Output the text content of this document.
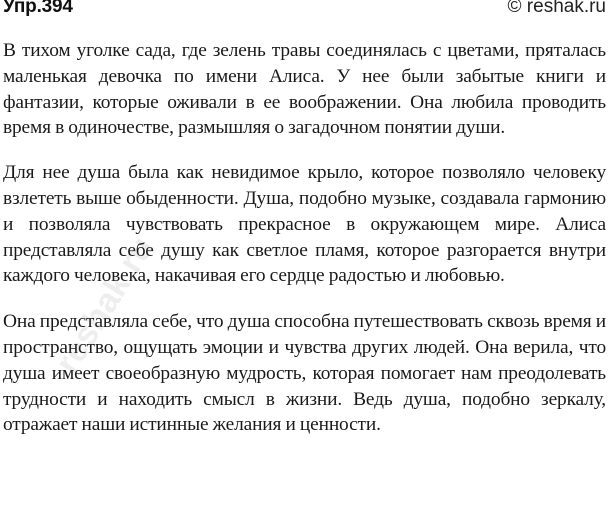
Упр.394	© reshak.ru

В тихом уголке сада, где зелень травы соединялась с цветами, пряталась маленькая девочка по имени Алиса. У нее были забытые книги и фантазии, которые оживали в ее воображении. Она любила проводить время в одиночестве, размышляя о загадочном понятии души.

Для нее душа была как невидимое крыло, которое позволяло человеку взлететь выше обыденности. Душа, подобно музыке, создавала гармонию и позволяла чувствовать прекрасное в окружающем мире. Алиса представляла себе душу как светлое пламя, которое разгорается внутри каждого человека, накачивая его сердце радостью и любовью.

Она представляла себе, что душа способна путешествовать сквозь время и пространство, ощущать эмоции и чувства других людей. Она верила, что душа имеет своеобразную мудрость, которая помогает нам преодолевать трудности и находить смысл в жизни. Ведь душа, подобно зеркалу, отражает наши истинные желания и ценности.

reshak.ru
